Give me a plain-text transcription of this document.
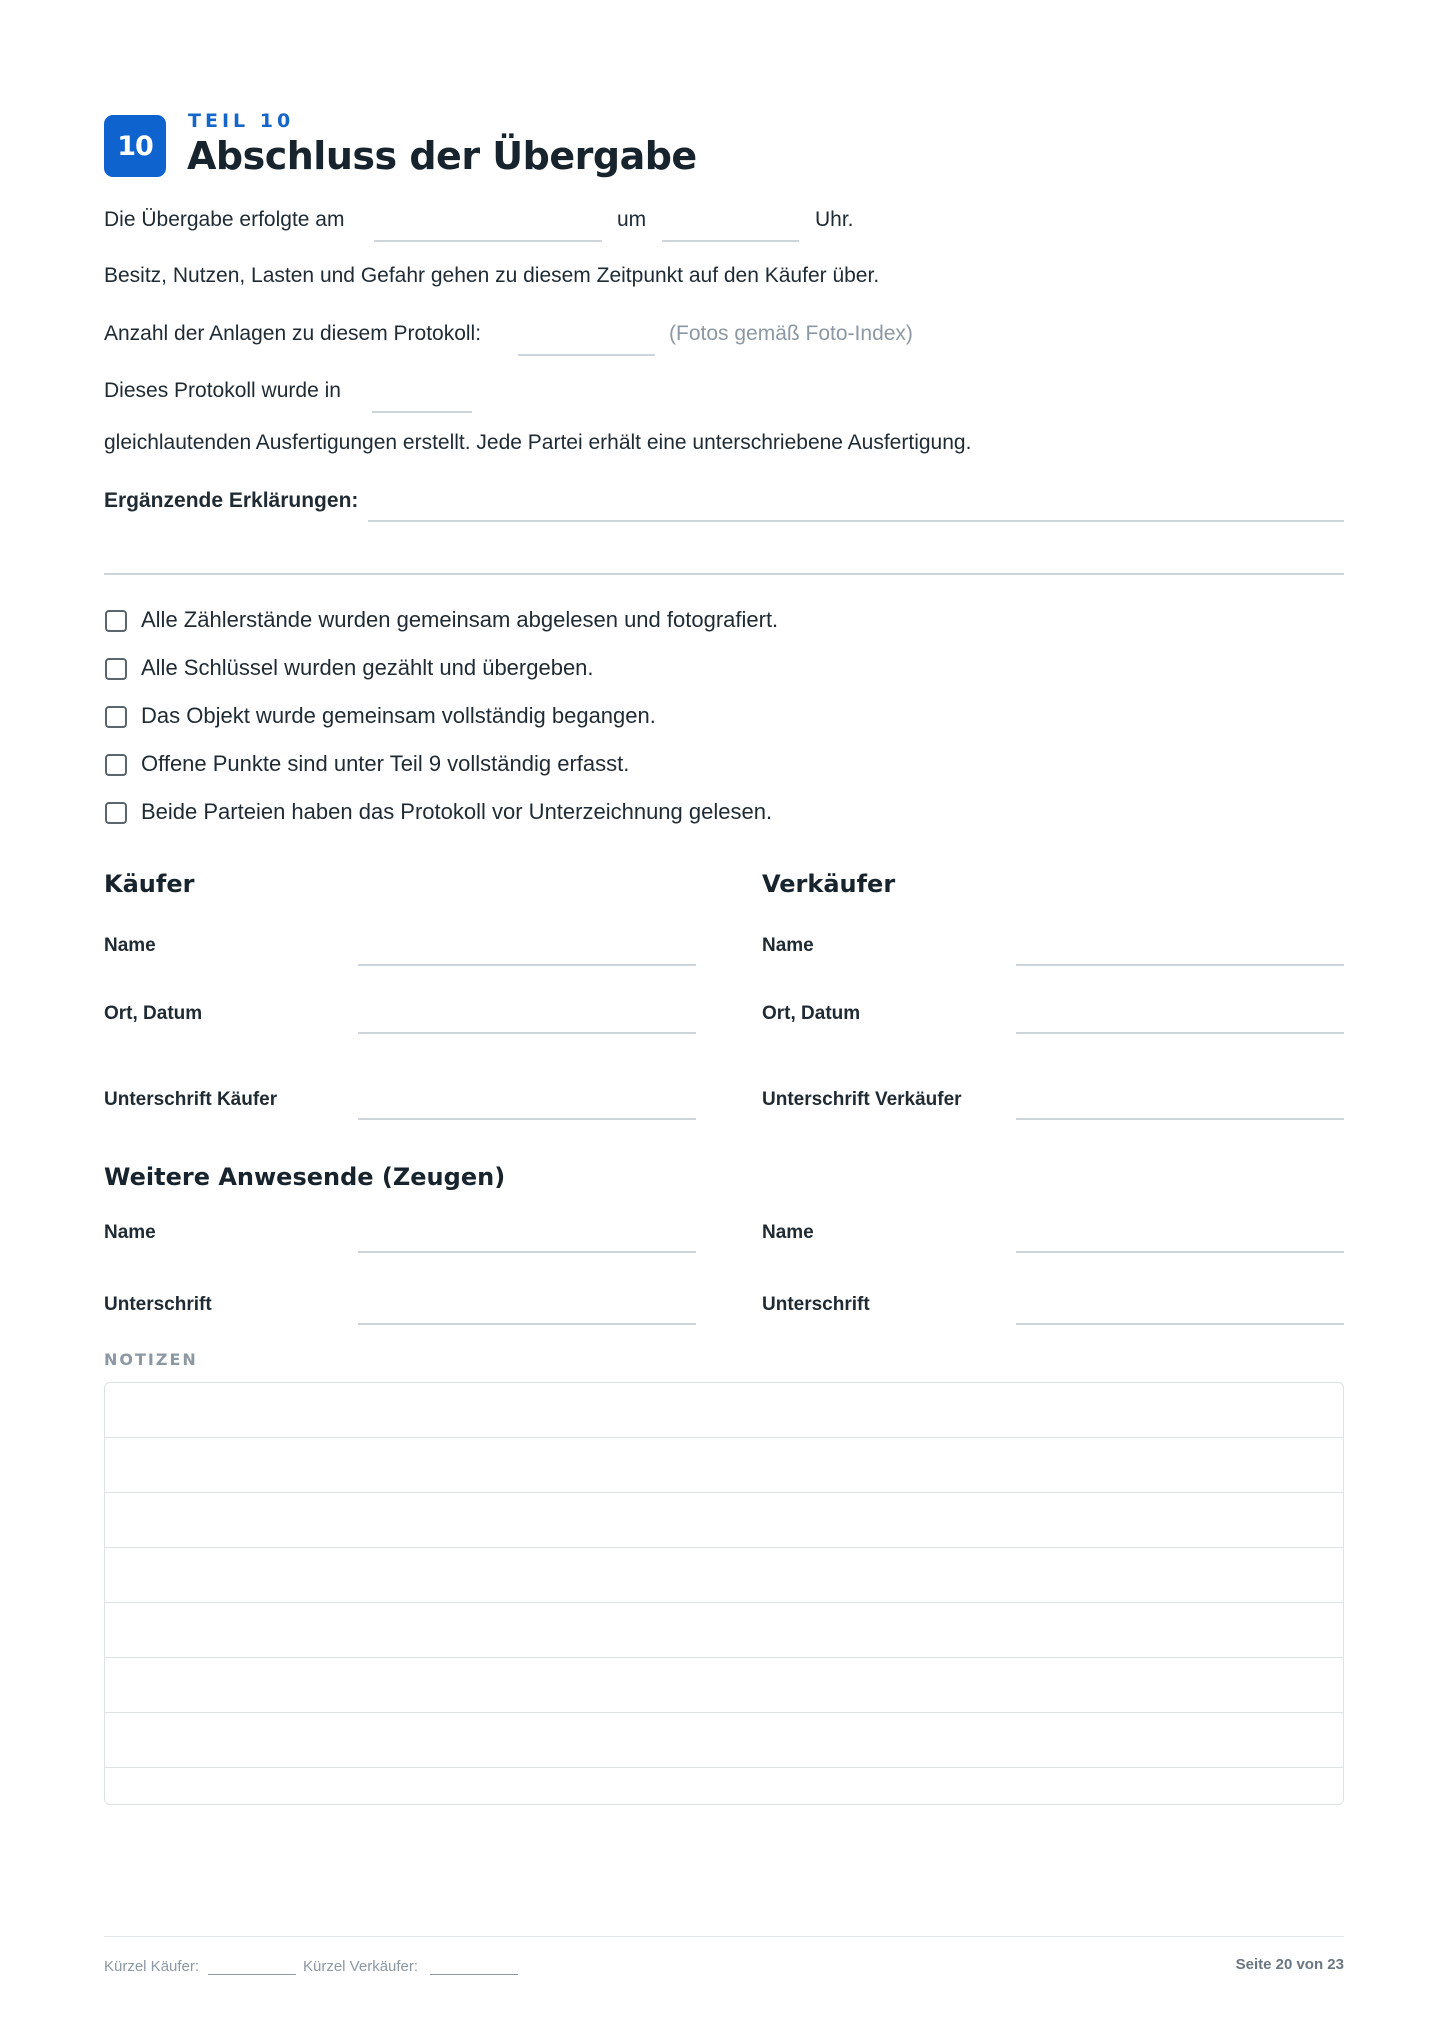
10
TEIL 10
Abschluss der Übergabe
Die Übergabe erfolgte am	um	Uhr.
Besitz, Nutzen, Lasten und Gefahr gehen zu diesem Zeitpunkt auf den Käufer über.
Anzahl der Anlagen zu diesem Protokoll:	(Fotos gemäß Foto-Index)
Dieses Protokoll wurde in
gleichlautenden Ausfertigungen erstellt. Jede Partei erhält eine unterschriebene Ausfertigung.
Ergänzende Erklärungen:
Alle Zählerstände wurden gemeinsam abgelesen und fotografiert.
Alle Schlüssel wurden gezählt und übergeben.
Das Objekt wurde gemeinsam vollständig begangen.
Offene Punkte sind unter Teil 9 vollständig erfasst.
Beide Parteien haben das Protokoll vor Unterzeichnung gelesen.
Käufer
Name
Ort, Datum
Unterschrift Käufer
Verkäufer
Name
Ort, Datum
Unterschrift Verkäufer
Weitere Anwesende (Zeugen)
Name
Unterschrift
Name
Unterschrift
NOTIZEN
Kürzel Käufer:	Kürzel Verkäufer:	Seite 20 von 23
